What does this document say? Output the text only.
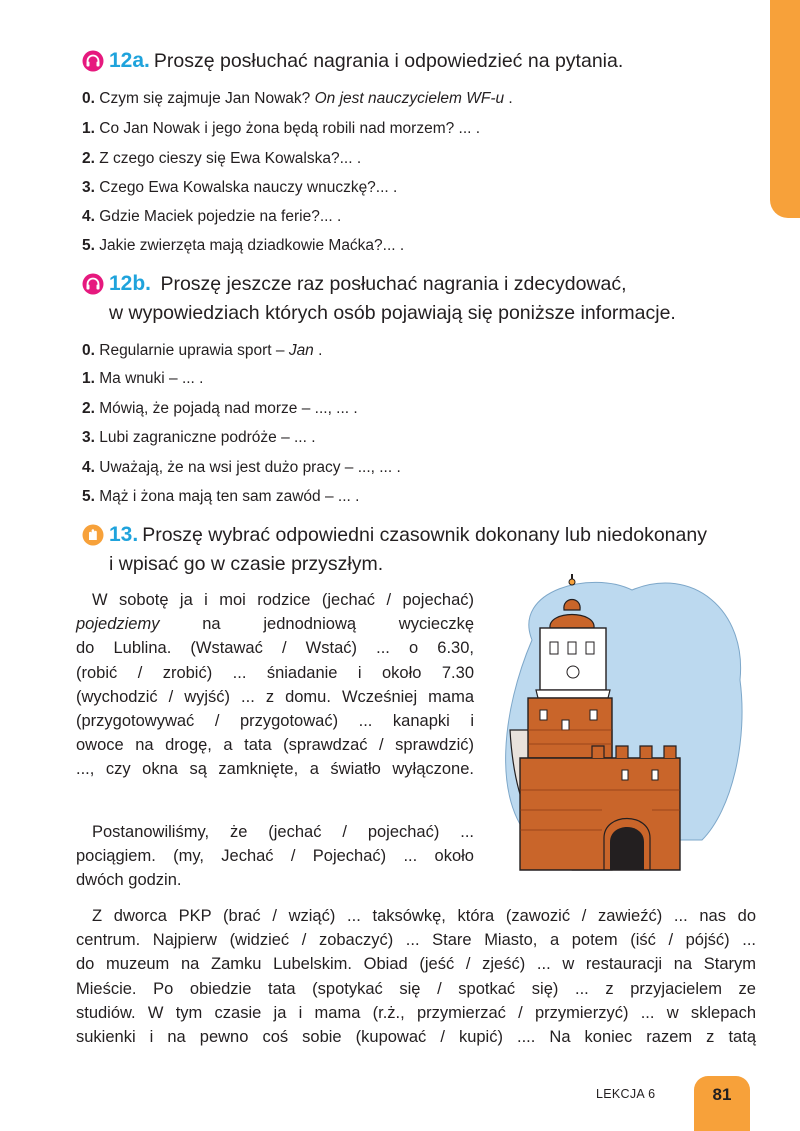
12a. Proszę posłuchać nagrania i odpowiedzieć na pytania.
0. Czym się zajmuje Jan Nowak? On jest nauczycielem WF-u .
1. Co Jan Nowak i jego żona będą robili nad morzem? ... .
2. Z czego cieszy się Ewa Kowalska?... .
3. Czego Ewa Kowalska nauczy wnuczkę?... .
4. Gdzie Maciek pojedzie na ferie?... .
5. Jakie zwierzęta mają dziadkowie Maćka?... .
12b. Proszę jeszcze raz posłuchać nagrania i zdecydować,
w wypowiedziach których osób pojawiają się poniższe informacje.
0. Regularnie uprawia sport – Jan .
1. Ma wnuki – ... .
2. Mówią, że pojadą nad morze – ..., ... .
3. Lubi zagraniczne podróże – ... .
4. Uważają, że na wsi jest dużo pracy – ..., ... .
5. Mąż i żona mają ten sam zawód – ... .
13. Proszę wybrać odpowiedni czasownik dokonany lub niedokonany
i wpisać go w czasie przyszłym.
W sobotę ja i moi rodzice (jechać / pojechać)
pojedziemy	na jednodniową wycieczkę
do Lublina. (Wstawać / Wstać) ... o 6.30,
(robić / zrobić) ... śniadanie i około 7.30
(wychodzić / wyjść) ... z domu. Wcześniej mama
(przygotowywać / przygotować) ... kanapki i
owoce na drogę, a tata (sprawdzać / sprawdzić)
..., czy okna są zamknięte, a światło wyłączone.
Postanowiliśmy, że (jechać / pojechać) ...
pociągiem. (my, Jechać / Pojechać) ... około
dwóch godzin.
Z dworca PKP (brać / wziąć) ... taksówkę, która (zawozić / zawieźć) ... nas do
centrum. Najpierw (widzieć / zobaczyć) ... Stare Miasto, a potem (iść / pójść) ...
do muzeum na Zamku Lubelskim. Obiad (jeść / zjeść) ... w restauracji na Starym
Mieście. Po obiedzie tata (spotykać się / spotkać się) ... z przyjacielem ze
studiów. W tym czasie ja i mama (r.ż., przymierzać / przymierzyć) ... w sklepach
sukienki i na pewno coś sobie (kupować / kupić) .... Na koniec razem z tatą
LEKCJA 6	81
